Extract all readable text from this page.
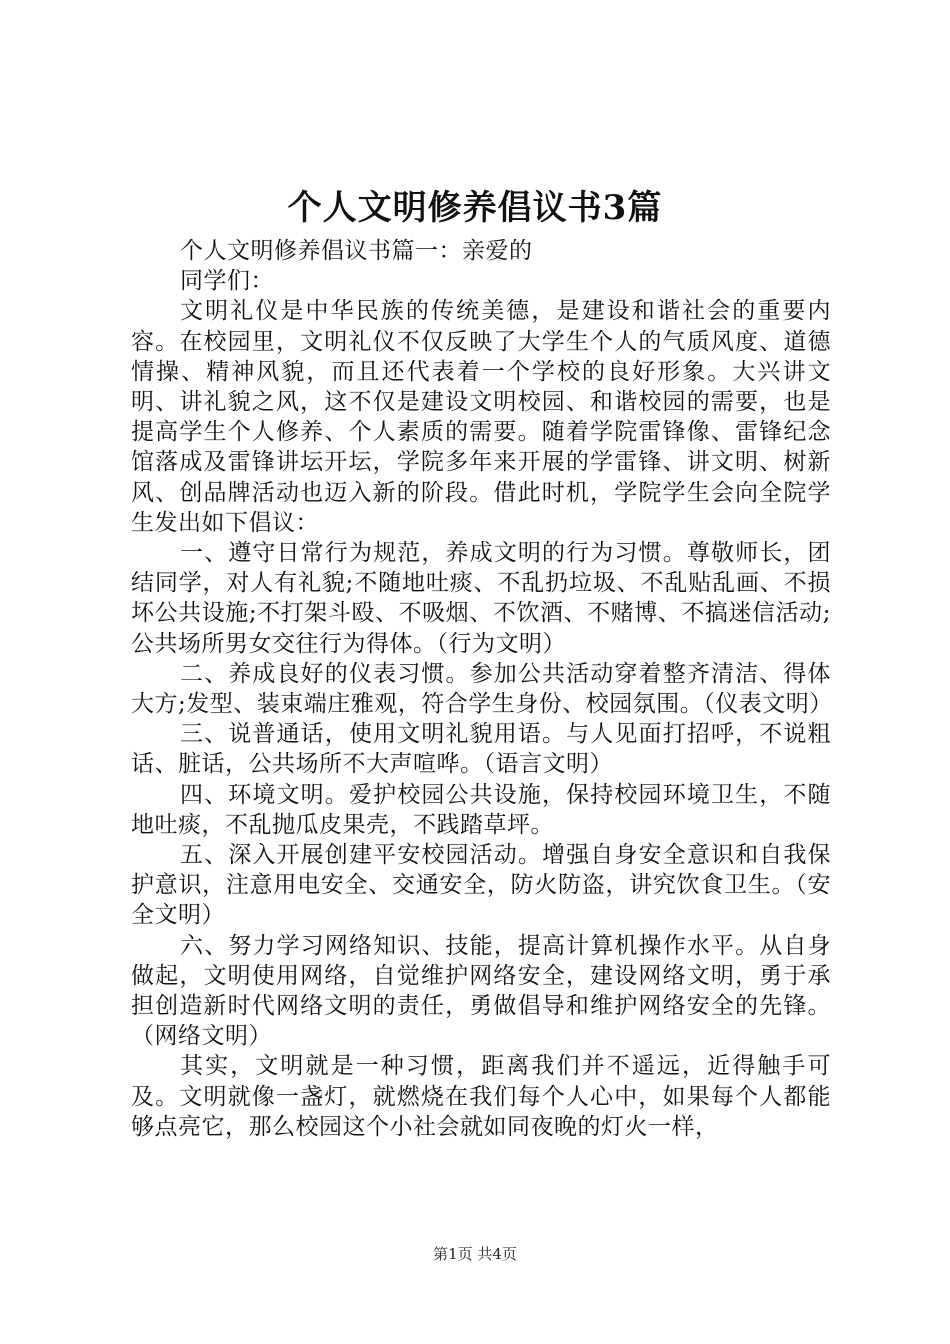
个人文明修养倡议书3篇

个人文明修养倡议书篇一：亲爱的

同学们：

文明礼仪是中华民族的传统美德，是建设和谐社会的重要内容。在校园里，文明礼仪不仅反映了大学生个人的气质风度、道德情操、精神风貌，而且还代表着一个学校的良好形象。大兴讲文明、讲礼貌之风，这不仅是建设文明校园、和谐校园的需要，也是提高学生个人修养、个人素质的需要。随着学院雷锋像、雷锋纪念馆落成及雷锋讲坛开坛，学院多年来开展的学雷锋、讲文明、树新风、创品牌活动也迈入新的阶段。借此时机，学院学生会向全院学生发出如下倡议：

一、遵守日常行为规范，养成文明的行为习惯。尊敬师长，团结同学，对人有礼貌;不随地吐痰、不乱扔垃圾、不乱贴乱画、不损坏公共设施;不打架斗殴、不吸烟、不饮酒、不赌博、不搞迷信活动;公共场所男女交往行为得体。（行为文明）

二、养成良好的仪表习惯。参加公共活动穿着整齐清洁、得体大方;发型、装束端庄雅观，符合学生身份、校园氛围。（仪表文明）

三、说普通话，使用文明礼貌用语。与人见面打招呼，不说粗话、脏话，公共场所不大声喧哗。（语言文明）

四、环境文明。爱护校园公共设施，保持校园环境卫生，不随地吐痰，不乱抛瓜皮果壳，不践踏草坪。

五、深入开展创建平安校园活动。增强自身安全意识和自我保护意识，注意用电安全、交通安全，防火防盗，讲究饮食卫生。（安全文明）

六、努力学习网络知识、技能，提高计算机操作水平。从自身做起，文明使用网络，自觉维护网络安全，建设网络文明，勇于承担创造新时代网络文明的责任，勇做倡导和维护网络安全的先锋。（网络文明）

其实，文明就是一种习惯，距离我们并不遥远，近得触手可及。文明就像一盏灯，就燃烧在我们每个人心中，如果每个人都能够点亮它，那么校园这个小社会就如同夜晚的灯火一样，

第1页 共4页
